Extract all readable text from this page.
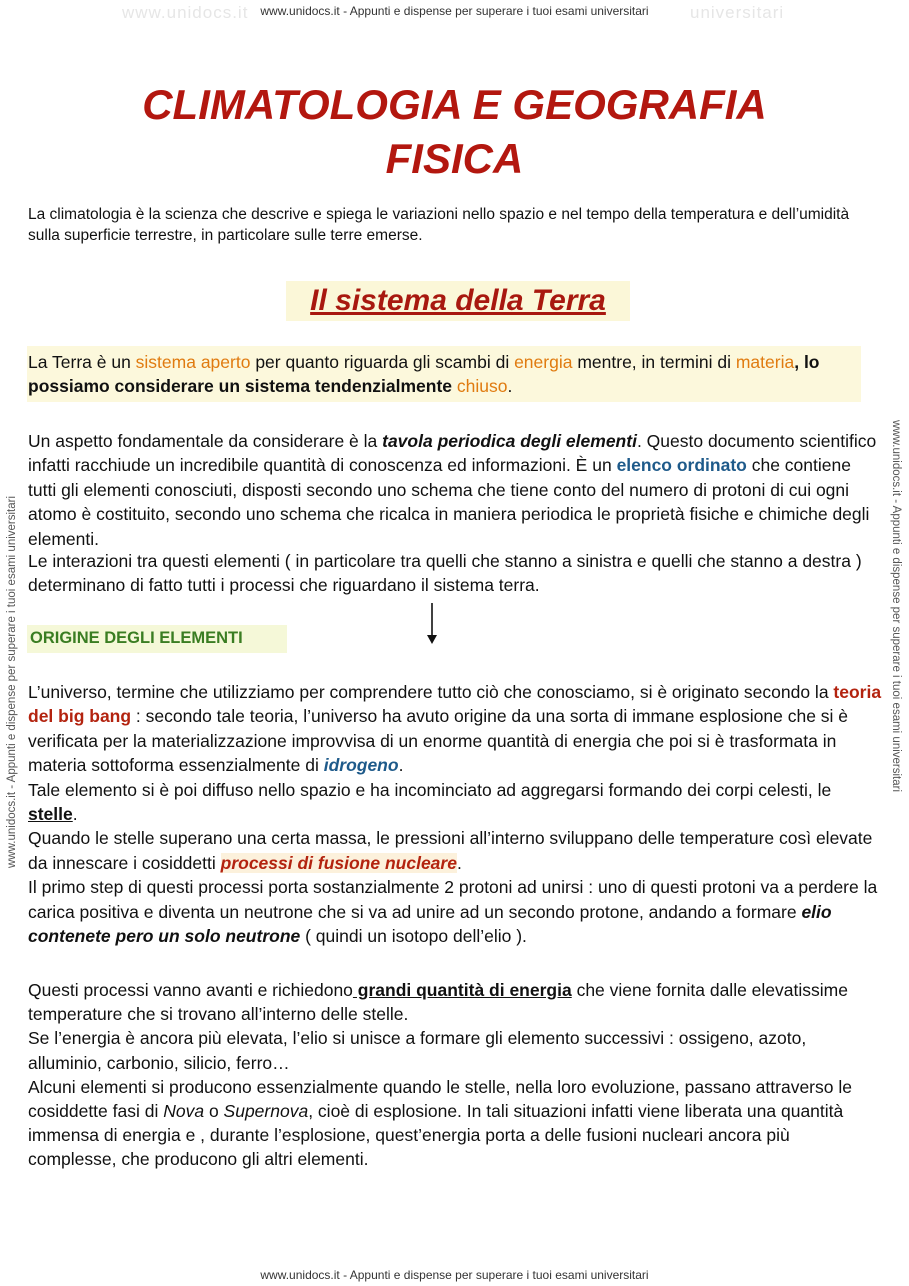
www.unidocs.it	universitari
www.unidocs.it - Appunti e dispense per superare i tuoi esami universitari
www.unidocs.it - Appunti e dispense per superare i tuoi esami universitari	www.unidocs.it - Appunti e dispense per superare i tuoi esami universitari
CLIMATOLOGIA E GEOGRAFIA
FISICA

La climatologia è la scienza che descrive e spiega le variazioni nello spazio e nel tempo della temperatura e dell’umidità sulla superficie terrestre, in particolare sulle terre emerse.

Il sistema della Terra

La Terra è un sistema aperto per quanto riguarda gli scambi di energia mentre, in termini di materia, lo possiamo considerare un sistema tendenzialmente chiuso.

Un aspetto fondamentale da considerare è la tavola periodica degli elementi. Questo documento scientifico infatti racchiude un incredibile quantità di conoscenza ed informazioni. È un elenco ordinato che contiene tutti gli elementi conosciuti, disposti secondo uno schema che tiene conto del numero di protoni di cui ogni atomo è costituito, secondo uno schema che ricalca in maniera periodica le proprietà fisiche e chimiche degli elementi.

Le interazioni tra questi elementi ( in particolare tra quelli che stanno a sinistra e quelli che stanno a destra ) determinano di fatto tutti i processi che riguardano il sistema terra.

ORIGINE DEGLI ELEMENTI

L’universo, termine che utilizziamo per comprendere tutto ciò che conosciamo, si è originato secondo la teoria del big bang : secondo tale teoria, l’universo ha avuto origine da una sorta di immane esplosione che si è verificata per la materializzazione improvvisa di un enorme quantità di energia che poi si è trasformata in materia sottoforma essenzialmente di idrogeno.
Tale elemento si è poi diffuso nello spazio e ha incominciato ad aggregarsi formando dei corpi celesti, le stelle.
Quando le stelle superano una certa massa, le pressioni all’interno sviluppano delle temperature così elevate da innescare i cosiddetti processi di fusione nucleare.
Il primo step di questi processi porta sostanzialmente 2 protoni ad unirsi : uno di questi protoni va a perdere la carica positiva e diventa un neutrone che si va ad unire ad un secondo protone, andando a formare elio contenete pero un solo neutrone ( quindi un isotopo dell’elio ).

Questi processi vanno avanti e richiedono grandi quantità di energia che viene fornita dalle elevatissime temperature che si trovano all’interno delle stelle.
Se l’energia è ancora più elevata, l’elio si unisce a formare gli elemento successivi : ossigeno, azoto, alluminio, carbonio, silicio, ferro…
Alcuni elementi si producono essenzialmente quando le stelle, nella loro evoluzione, passano attraverso le cosiddette fasi di Nova o Supernova, cioè di esplosione. In tali situazioni infatti viene liberata una quantità immensa di energia e , durante l’esplosione, quest’energia porta a delle fusioni nucleari ancora più complesse, che producono gli altri elementi.

www.unidocs.it - Appunti e dispense per superare i tuoi esami universitari
